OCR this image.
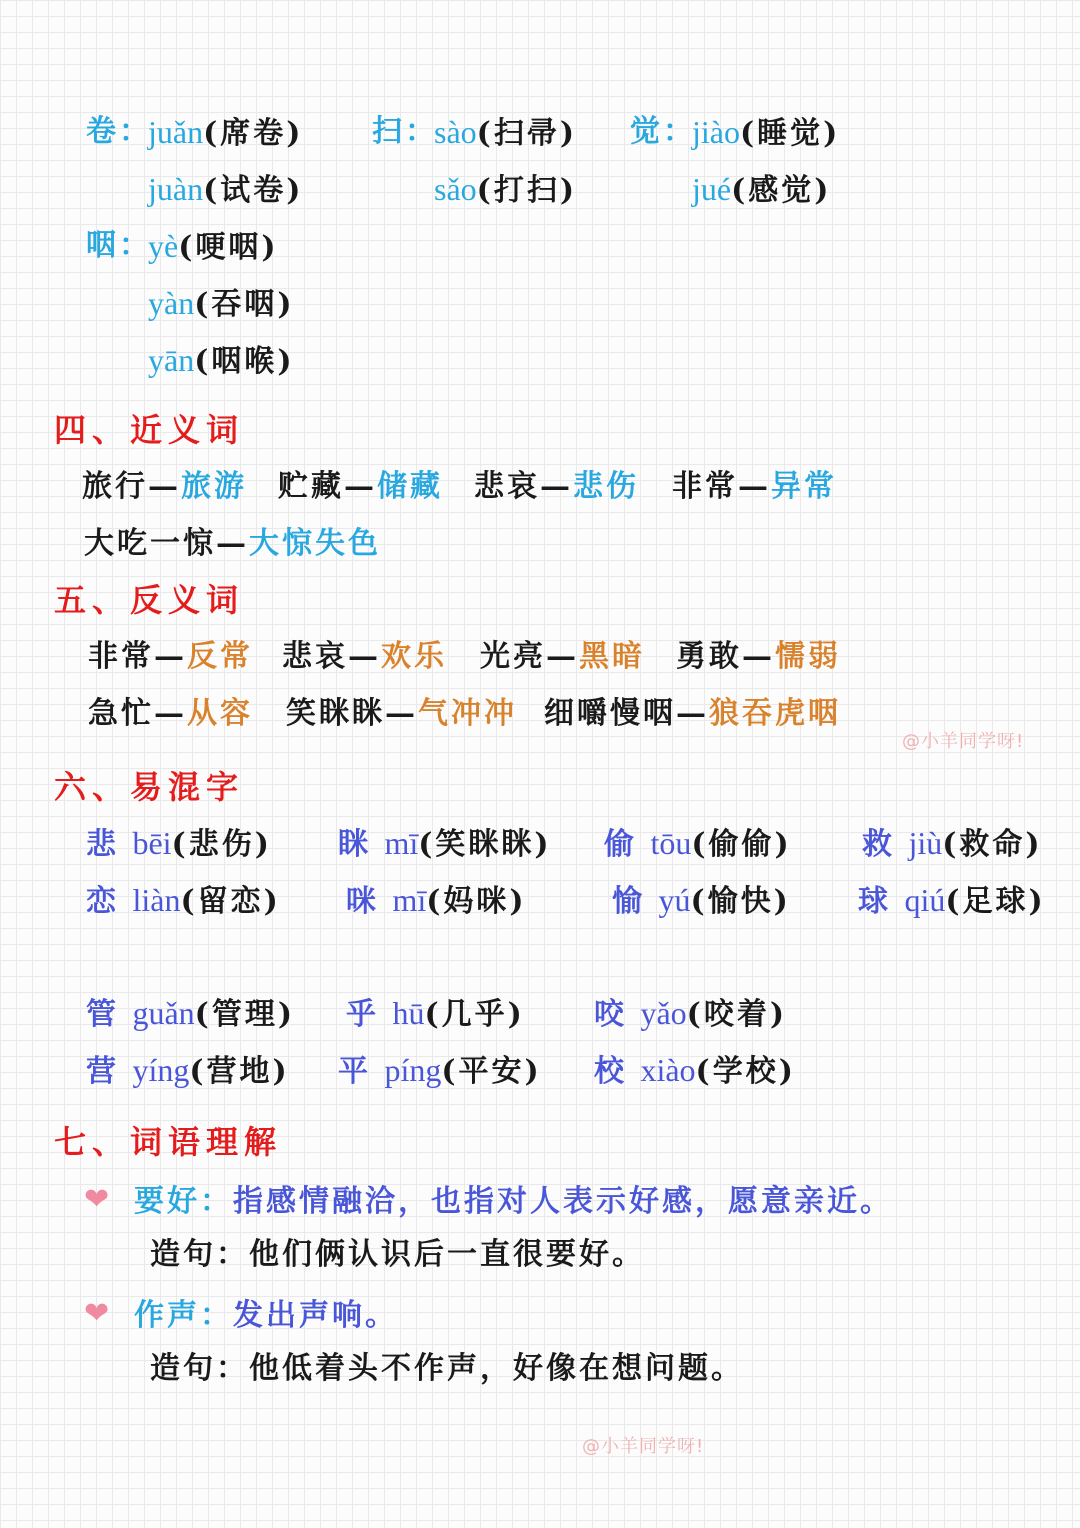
卷：
juǎn(席卷)
juàn(试卷)
扫：
sào(扫帚)
sǎo(打扫)
觉：
jiào(睡觉)
jué(感觉)
咽：
yè(哽咽)
yàn(吞咽)
yān(咽喉)
四、近义词
旅行—旅游 贮藏—储藏 悲哀—悲伤 非常—异常
大吃一惊—大惊失色
五、反义词
非常—反常 悲哀—欢乐 光亮—黑暗 勇敢—懦弱
急忙—从容 笑眯眯—气冲冲 细嚼慢咽—狼吞虎咽
@小羊同学呀!
六、易混字
悲 bēi(悲伤) 眯 mī(笑眯眯) 偷 tōu(偷偷) 救 jiù(救命)
恋 liàn(留恋) 咪 mī(妈咪)	愉 yú(愉快) 球 qiú(足球)
管 guǎn(管理) 乎 hū(几乎) 咬 yǎo(咬着)
营 yíng(营地) 平 píng(平安) 校 xiào(学校)
七、词语理解
❤ 要好：指感情融洽，也指对人表示好感，愿意亲近。
造句：他们俩认识后一直很要好。
❤ 作声：发出声响。
造句：他低着头不作声，好像在想问题。
@小羊同学呀!
